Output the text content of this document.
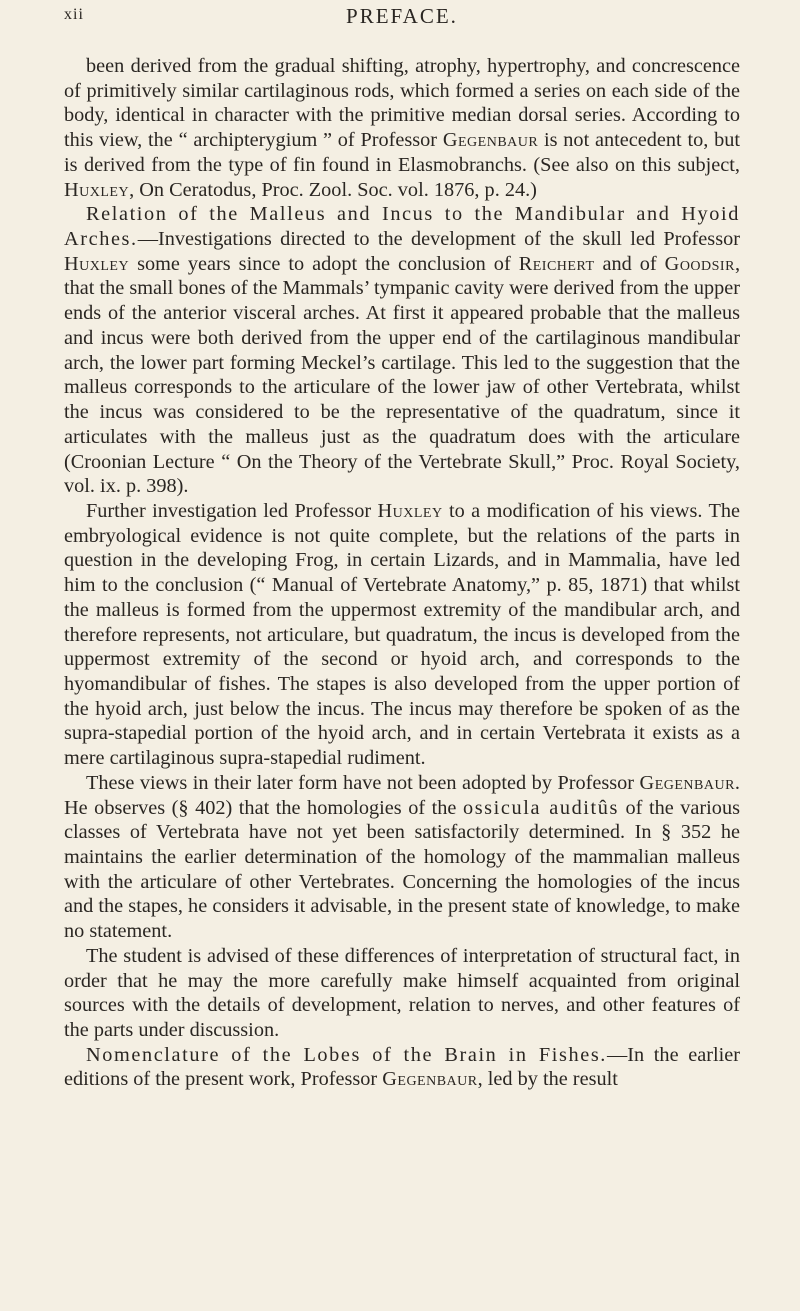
xii	PREFACE.

been derived from the gradual shifting, atrophy, hypertrophy, and concrescence of primitively similar cartilaginous rods, which formed a series on each side of the body, identical in character with the primitive median dorsal series. According to this view, the “ archipterygium ” of Professor Gegenbaur is not antecedent to, but is derived from the type of fin found in Elasmobranchs. (See also on this subject, Huxley, On Ceratodus, Proc. Zool. Soc. vol. 1876, p. 24.)

Relation of the Malleus and Incus to the Mandibular and Hyoid Arches.—Investigations directed to the development of the skull led Professor Huxley some years since to adopt the conclusion of Reichert and of Goodsir, that the small bones of the Mammals’ tympanic cavity were derived from the upper ends of the anterior visceral arches. At first it appeared probable that the malleus and incus were both derived from the upper end of the cartilaginous mandibular arch, the lower part forming Meckel’s cartilage. This led to the suggestion that the malleus corresponds to the articulare of the lower jaw of other Vertebrata, whilst the incus was considered to be the representative of the quadratum, since it articulates with the malleus just as the quadratum does with the articulare (Croonian Lecture “ On the Theory of the Vertebrate Skull,” Proc. Royal Society, vol. ix. p. 398).

Further investigation led Professor Huxley to a modification of his views. The embryological evidence is not quite complete, but the relations of the parts in question in the developing Frog, in certain Lizards, and in Mammalia, have led him to the conclusion (“ Manual of Vertebrate Anatomy,” p. 85, 1871) that whilst the malleus is formed from the uppermost extremity of the mandibular arch, and therefore represents, not articulare, but quadratum, the incus is developed from the uppermost extremity of the second or hyoid arch, and corresponds to the hyomandibular of fishes. The stapes is also developed from the upper portion of the hyoid arch, just below the incus. The incus may therefore be spoken of as the supra-stapedial portion of the hyoid arch, and in certain Vertebrata it exists as a mere cartilaginous supra-stapedial rudiment.

These views in their later form have not been adopted by Professor Gegenbaur. He observes (§ 402) that the homologies of the ossicula auditûs of the various classes of Vertebrata have not yet been satisfactorily determined. In § 352 he maintains the earlier determination of the homology of the mammalian malleus with the articulare of other Vertebrates. Concerning the homologies of the incus and the stapes, he considers it advisable, in the present state of knowledge, to make no statement.

The student is advised of these differences of interpretation of structural fact, in order that he may the more carefully make himself acquainted from original sources with the details of development, relation to nerves, and other features of the parts under discussion.

Nomenclature of the Lobes of the Brain in Fishes.—In the earlier editions of the present work, Professor Gegenbaur, led by the result
